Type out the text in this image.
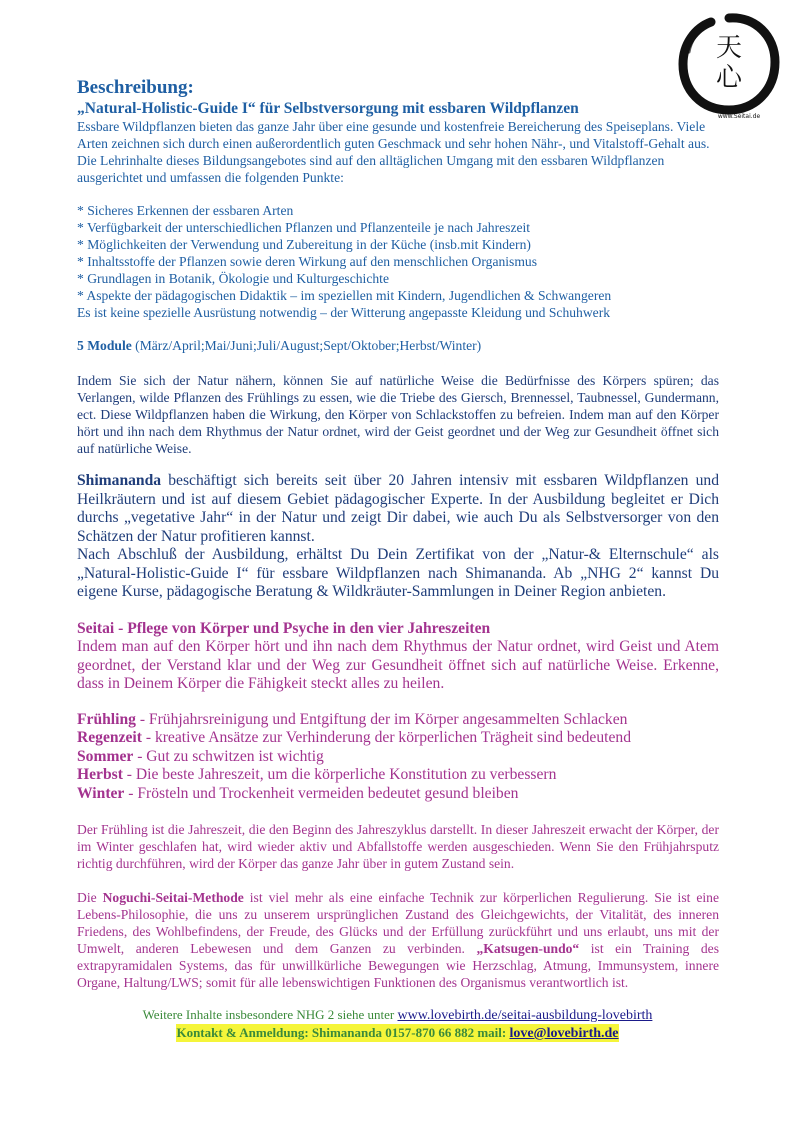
天
心
www.Seitai.de

Beschreibung:

„Natural-Holistic-Guide I“ für Selbstversorgung mit essbaren Wildpflanzen

Essbare Wildpflanzen bieten das ganze Jahr über eine gesunde und kostenfreie Bereicherung des Speiseplans. Viele Arten zeichnen sich durch einen außerordentlich guten Geschmack und sehr hohen Nähr-, und Vitalstoff-Gehalt aus. Die Lehrinhalte dieses Bildungsangebotes sind auf den alltäglichen Umgang mit den essbaren Wildpflanzen ausgerichtet und umfassen die folgenden Punkte:

* Sicheres Erkennen der essbaren Arten
* Verfügbarkeit der unterschiedlichen Pflanzen und Pflanzenteile je nach Jahreszeit
* Möglichkeiten der Verwendung und Zubereitung in der Küche (insb.mit Kindern)
* Inhaltsstoffe der Pflanzen sowie deren Wirkung auf den menschlichen Organismus
* Grundlagen in Botanik, Ökologie und Kulturgeschichte
* Aspekte der pädagogischen Didaktik – im speziellen mit Kindern, Jugendlichen & Schwangeren

Es ist keine spezielle Ausrüstung notwendig – der Witterung angepasste Kleidung und Schuhwerk

5 Module (März/April;Mai/Juni;Juli/August;Sept/Oktober;Herbst/Winter)

Indem Sie sich der Natur nähern, können Sie auf natürliche Weise die Bedürfnisse des Körpers spüren; das Verlangen, wilde Pflanzen des Frühlings zu essen, wie die Triebe des Giersch, Brennessel, Taubnessel, Gundermann, ect. Diese Wildpflanzen haben die Wirkung, den Körper von Schlackstoffen zu befreien. Indem man auf den Körper hört und ihn nach dem Rhythmus der Natur ordnet, wird der Geist geordnet und der Weg zur Gesundheit öffnet sich auf natürliche Weise.

Shimananda beschäftigt sich bereits seit über 20 Jahren intensiv mit essbaren Wildpflanzen und Heilkräutern und ist auf diesem Gebiet pädagogischer Experte. In der Ausbildung begleitet er Dich durchs „vegetative Jahr“ in der Natur und zeigt Dir dabei, wie auch Du als Selbstversorger von den Schätzen der Natur profitieren kannst.

Nach Abschluß der Ausbildung, erhältst Du Dein Zertifikat von der „Natur-& Elternschule“ als „Natural-Holistic-Guide I“ für essbare Wildpflanzen nach Shimananda. Ab „NHG 2“ kannst Du eigene Kurse, pädagogische Beratung & Wildkräuter-Sammlungen in Deiner Region anbieten.

Seitai - Pflege von Körper und Psyche in den vier Jahreszeiten

Indem man auf den Körper hört und ihn nach dem Rhythmus der Natur ordnet, wird Geist und Atem geordnet, der Verstand klar und der Weg zur Gesundheit öffnet sich auf natürliche Weise. Erkenne, dass in Deinem Körper die Fähigkeit steckt alles zu heilen.

Frühling - Frühjahrsreinigung und Entgiftung der im Körper angesammelten Schlacken

Regenzeit - kreative Ansätze zur Verhinderung der körperlichen Trägheit sind bedeutend

Sommer - Gut zu schwitzen ist wichtig

Herbst - Die beste Jahreszeit, um die körperliche Konstitution zu verbessern

Winter - Frösteln und Trockenheit vermeiden bedeutet gesund bleiben

Der Frühling ist die Jahreszeit, die den Beginn des Jahreszyklus darstellt. In dieser Jahreszeit erwacht der Körper, der im Winter geschlafen hat, wird wieder aktiv und Abfallstoffe werden ausgeschieden. Wenn Sie den Frühjahrsputz richtig durchführen, wird der Körper das ganze Jahr über in gutem Zustand sein.

Die Noguchi-Seitai-Methode ist viel mehr als eine einfache Technik zur körperlichen Regulierung. Sie ist eine Lebens-Philosophie, die uns zu unserem ursprünglichen Zustand des Gleichgewichts, der Vitalität, des inneren Friedens, des Wohlbefindens, der Freude, des Glücks und der Erfüllung zurückführt und uns erlaubt, uns mit der Umwelt, anderen Lebewesen und dem Ganzen zu verbinden. „Katsugen-undo“ ist ein Training des extrapyramidalen Systems, das für unwillkürliche Bewegungen wie Herzschlag, Atmung, Immunsystem, innere Organe, Haltung/LWS; somit für alle lebenswichtigen Funktionen des Organismus verantwortlich ist.

Weitere Inhalte insbesondere NHG 2 siehe unter www.lovebirth.de/seitai-ausbildung-lovebirth
Kontakt & Anmeldung: Shimananda 0157-870 66 882 mail: love@lovebirth.de
